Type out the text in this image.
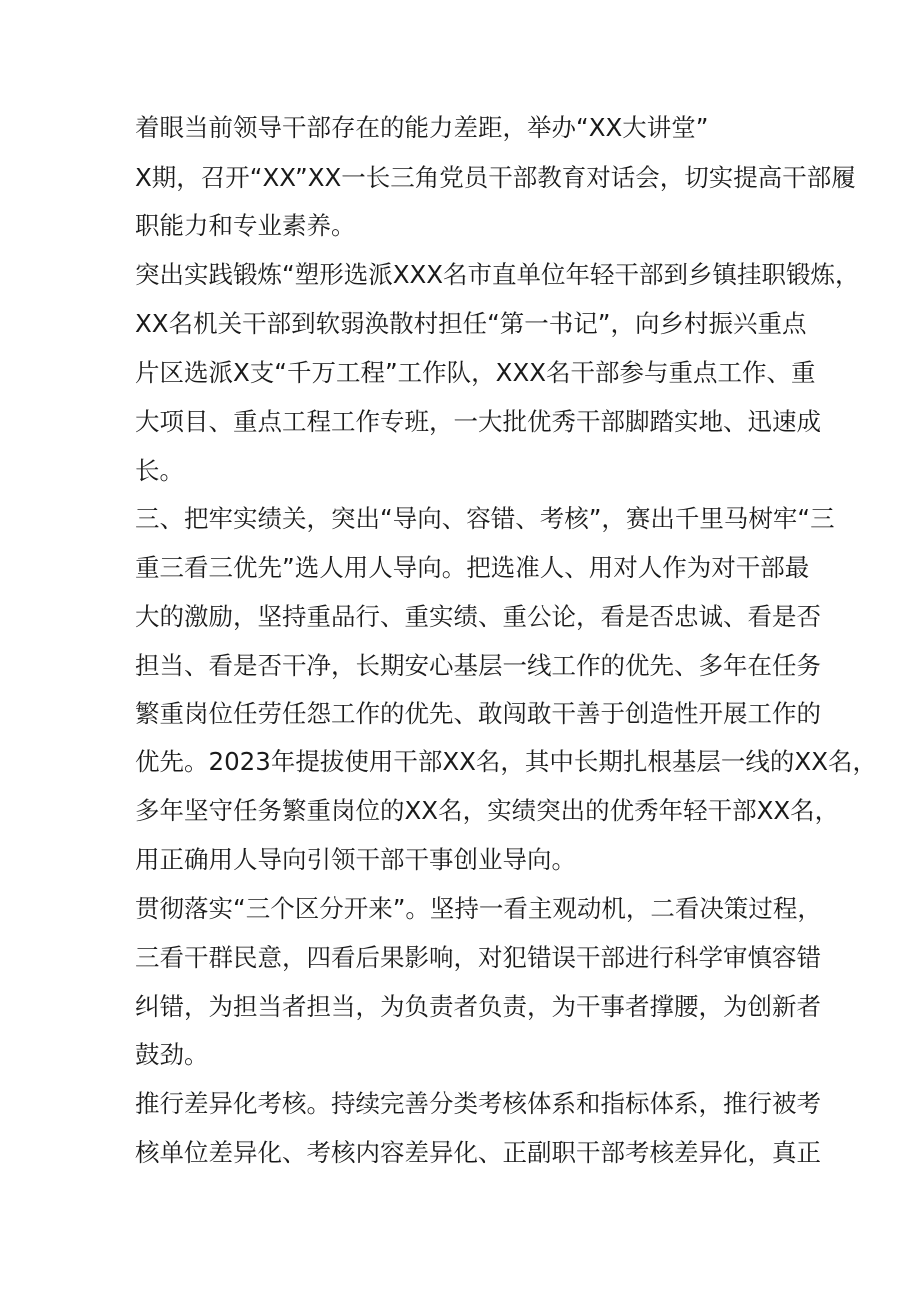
着眼当前领导干部存在的能力差距，举办“XX大讲堂”
X期，召开“XX”XX一长三角党员干部教育对话会，切实提高干部履
职能力和专业素养。
突出实践锻炼“塑形选派XXX名市直单位年轻干部到乡镇挂职锻炼，
XX名机关干部到软弱涣散村担任“第一书记”，向乡村振兴重点
片区选派X支“千万工程”工作队，XXX名干部参与重点工作、重
大项目、重点工程工作专班，一大批优秀干部脚踏实地、迅速成
长。
三、把牢实绩关，突出“导向、容错、考核”，赛出千里马树牢“三
重三看三优先”选人用人导向。把选准人、用对人作为对干部最
大的激励，坚持重品行、重实绩、重公论，看是否忠诚、看是否
担当、看是否干净，长期安心基层一线工作的优先、多年在任务
繁重岗位任劳任怨工作的优先、敢闯敢干善于创造性开展工作的
优先。2023年提拔使用干部XX名，其中长期扎根基层一线的XX名，
多年坚守任务繁重岗位的XX名，实绩突出的优秀年轻干部XX名，
用正确用人导向引领干部干事创业导向。
贯彻落实“三个区分开来”。坚持一看主观动机，二看决策过程，
三看干群民意，四看后果影响，对犯错误干部进行科学审慎容错
纠错，为担当者担当，为负责者负责，为干事者撑腰，为创新者
鼓劲。
推行差异化考核。持续完善分类考核体系和指标体系，推行被考
核单位差异化、考核内容差异化、正副职干部考核差异化，真正
